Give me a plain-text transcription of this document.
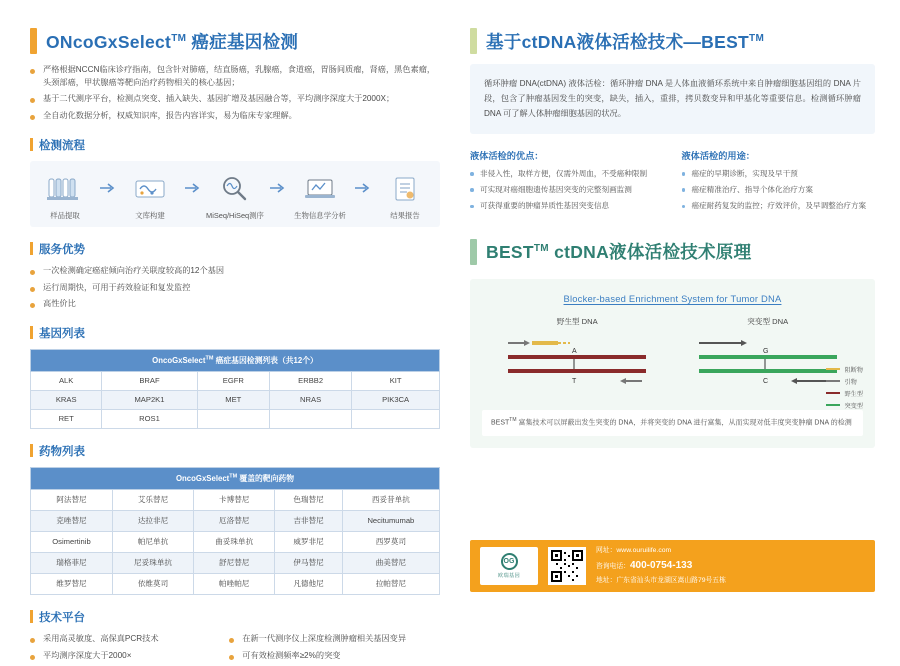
ONcoGxSelect™ 癌症基因检测
严格根据NCCN临床诊疗指南，包含针对肺癌，结直肠癌，乳腺癌，食道癌，胃肠间质瘤，肾癌，黑色素瘤，头颈部癌，甲状腺癌等靶向治疗药物相关的核心基因；
基于二代测序平台，检测点突变、插入缺失、基因扩增及基因融合等，平均测序深度大于2000X；
全自动化数据分析，权威知识库，报告内容详实，易为临床专家理解。
检测流程
样品提取	文库构建	MiSeq/HiSeq测序	生物信息学分析	结果报告
服务优势
一次检测确定癌症倾向治疗关联度较高的12个基因
运行周期快，可用于药效验证和复发监控
高性价比
基因列表
OncoGxSelect™ 癌症基因检测列表（共12个）				
ALK	BRAF	EGFR	ERBB2	KIT
KRAS	MAP2K1	MET	NRAS	PIK3CA
RET	ROS1			
药物列表
OncoGxSelect™ 覆盖的靶向药物				
阿法替尼	艾乐替尼	卡博替尼	色瑞替尼	西妥昔单抗
克唑替尼	达拉非尼	厄洛替尼	吉非替尼	Necitumumab
Osimertinib	帕尼单抗	曲妥珠单抗	威罗非尼	西罗莫司
瑞格菲尼	尼妥珠单抗	舒尼替尼	伊马替尼	曲美替尼
维罗替尼	依维莫司	帕唑帕尼	凡德他尼	拉帕替尼
技术平台
采用高灵敏度、高保真PCR技术
平均测序深度大于2000×
在新一代测序仪上深度检测肿瘤相关基因变异
可有效检测频率≥2%的突变
基于ctDNA液体活检技术—BEST™
循环肿瘤 DNA(ctDNA) 液体活检：循环肿瘤 DNA 是人体血液循环系统中来自肿瘤细胞基因组的 DNA 片段，包含了肿瘤基因发生的突变，缺失，插入，重排，拷贝数变异和甲基化等重要信息。检测循环肿瘤 DNA 可了解人体肿瘤细胞基因的状况。
液体活检的优点：
非侵入性，取样方便，仅需外周血，不受癌种限制
可实现对癌细胞遗传基因突变的完整刻画监测
可获得重要的肿瘤异质性基因突变信息
液体活检的用途：
癌症的早期诊断，实现及早干预
癌症精准治疗、指导个体化治疗方案
癌症耐药复发的监控；疗效评价，及早调整治疗方案
BEST™ ctDNA液体活检技术原理
Blocker-based Enrichment System for Tumor DNA
野生型 DNA
A
T
突变型 DNA
G
C
阻断物
引物
野生型
突变型
BEST™ 富集技术可以屏蔽出发生突变的 DNA，并将突变的 DNA 进行富集，从而实现对低丰度突变肿瘤 DNA 的检测
OG
欧瑞基因
网址：www.ouruilife.com
咨询电话：400-0754-133
地址：广东省汕头市龙湖区嵩山路79号五栋
